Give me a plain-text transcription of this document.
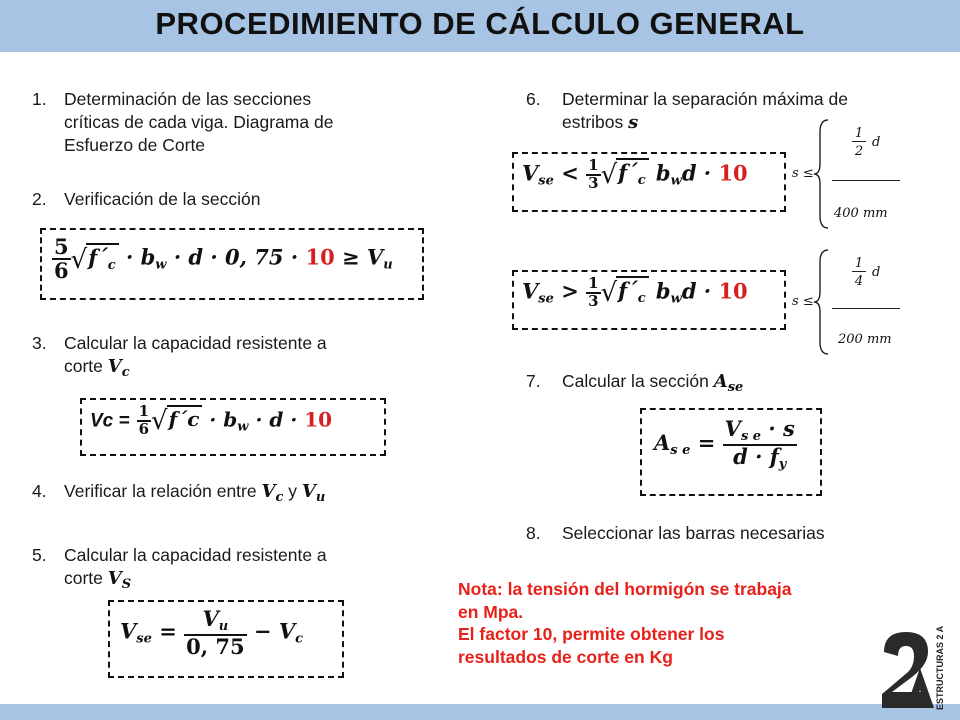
PROCEDIMIENTO DE CÁLCULO GENERAL
1. Determinación de las secciones
críticas de cada viga. Diagrama de
Esfuerzo de Corte
2. Verificación de la sección
$\frac{5}{6}$ $√f´_c \cdot b_w \cdot d \cdot 0$, $75 \cdot 10 \ge V_u$
3. Calcular la capacidad resistente a
corte $V_c$
$Vc = \frac{1}{6}$ √f´c · $b_w \cdot d \cdot 10$
4. Verificar la relación entre $V_c$ y $V_u$
5. Calcular la capacidad resistente a
corte $V_S$
$V_{se} = \frac{V_u}{0, 75} - V_c$
6. Determinar la separación máxima de
estribos s
$V_{se} < \frac{1}{3}$ $√f´_c$ $b_wd \cdot 10$	s ≤
1
2
d
400 mm
$V_{se} > \frac{1}{3}$ $√f´_c$ $b_wd \cdot 10$	s ≤
1
4
d
200 mm
7. Calcular la sección $A_{se}$
$A_{s e} = \frac{V_{s e} \cdot s}{d \cdot f_y}$
8. Seleccionar las barras necesarias
Nota: la tensión del hormigón se trabaja
en Mpa.
El factor 10, permite obtener los
resultados de corte en Kg	ESTRUCTURAS 2 A
